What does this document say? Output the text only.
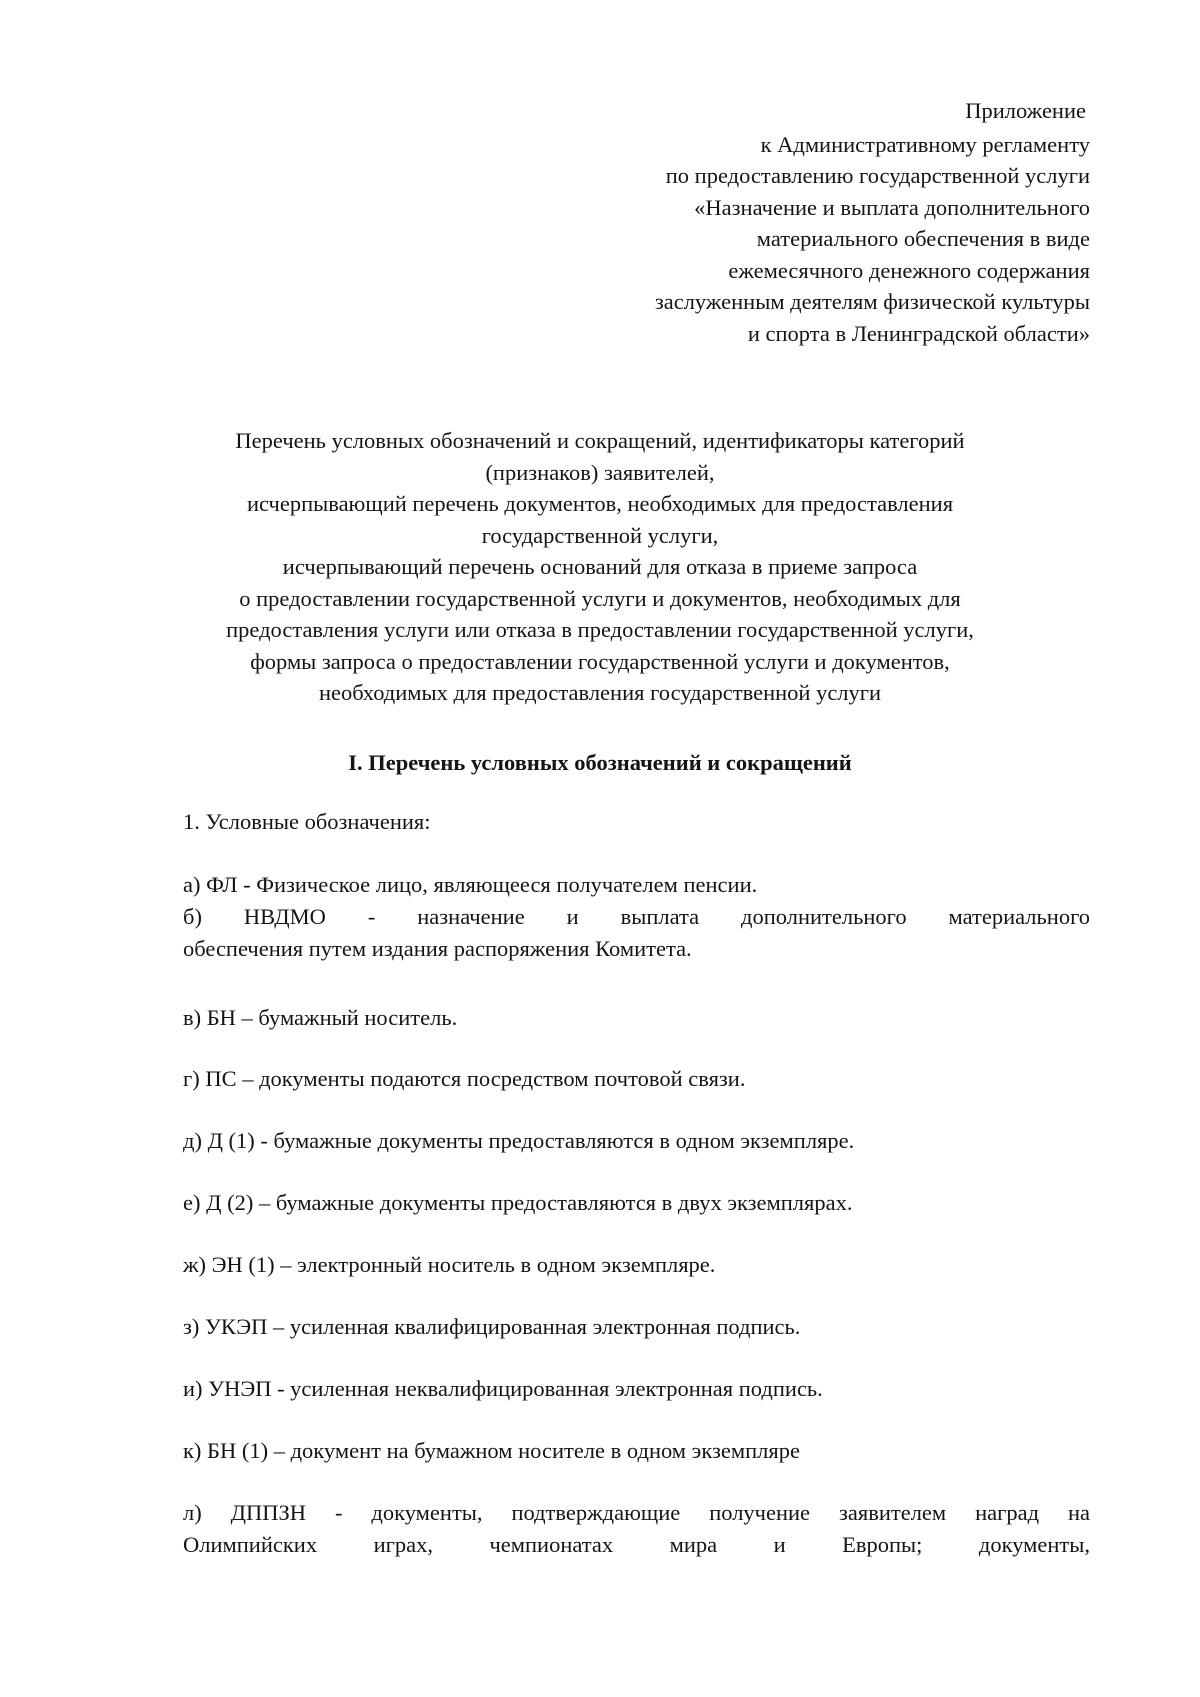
Приложение
к Административному регламенту
по предоставлению государственной услуги
«Назначение и выплата дополнительного
материального обеспечения в виде
ежемесячного денежного содержания
заслуженным деятелям физической культуры
и спорта в Ленинградской области»
Перечень условных обозначений и сокращений, идентификаторы категорий
(признаков) заявителей,
исчерпывающий перечень документов, необходимых для предоставления
государственной услуги,
исчерпывающий перечень оснований для отказа в приеме запроса
о предоставлении государственной услуги и документов, необходимых для
предоставления услуги или отказа в предоставлении государственной услуги,
формы запроса о предоставлении государственной услуги и документов,
необходимых для предоставления государственной услуги
I. Перечень условных обозначений и сокращений
1. Условные обозначения:
а) ФЛ - Физическое лицо, являющееся получателем пенсии.
б) НВДМО - назначение и выплата дополнительного материального
обеспечения путем издания распоряжения Комитета.
в) БН – бумажный носитель.
г) ПС – документы подаются посредством почтовой связи.
д) Д (1) - бумажные документы предоставляются в одном экземпляре.
е) Д (2) – бумажные документы предоставляются в двух экземплярах.
ж) ЭН (1) – электронный носитель в одном экземпляре.
з) УКЭП – усиленная квалифицированная электронная подпись.
и) УНЭП - усиленная неквалифицированная электронная подпись.
к) БН (1) – документ на бумажном носителе в одном экземпляре
л) ДППЗН - документы, подтверждающие получение заявителем наград на
Олимпийских играх, чемпионатах мира и Европы; документы,
